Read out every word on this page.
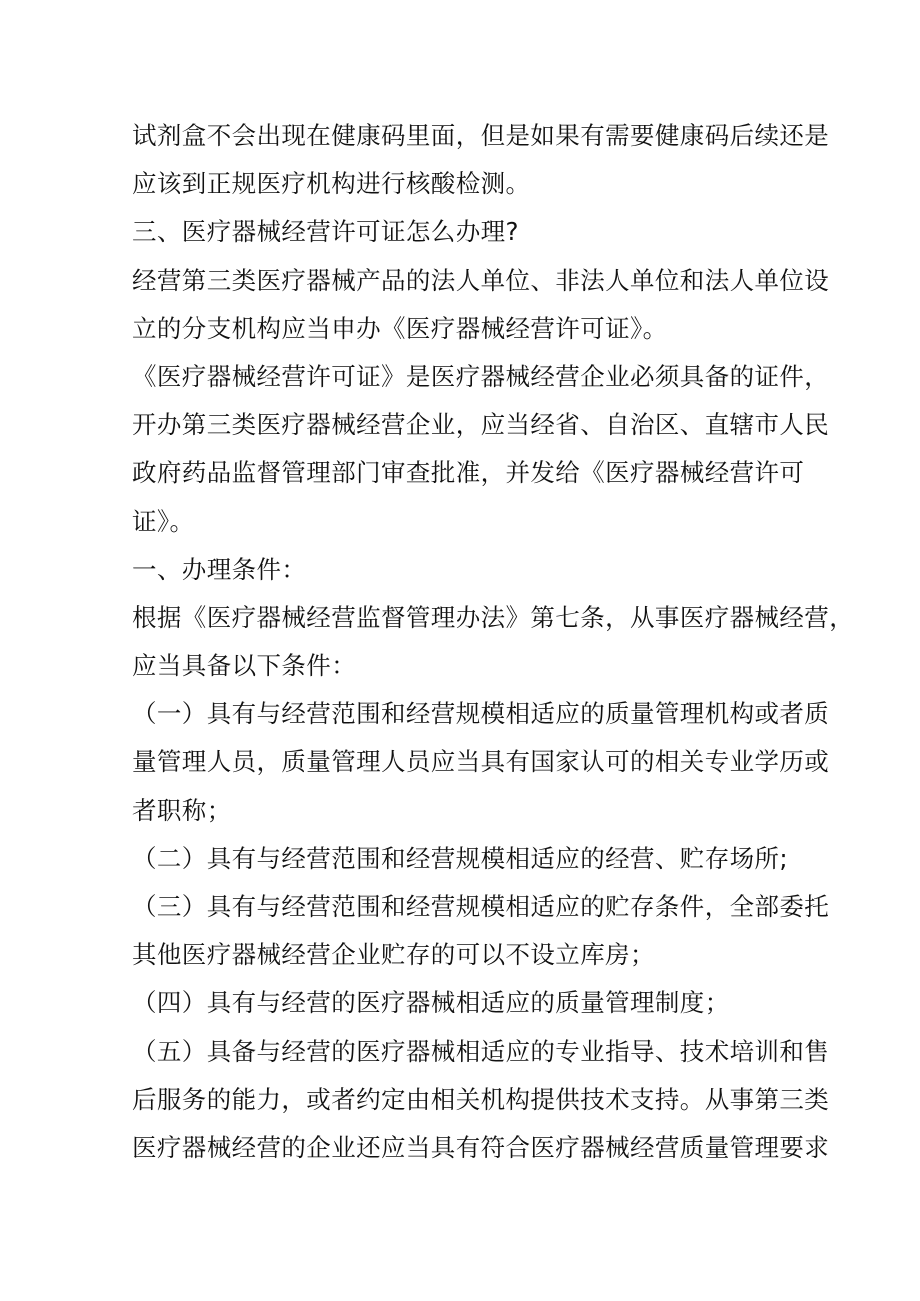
试剂盒不会出现在健康码里面，但是如果有需要健康码后续还是
应该到正规医疗机构进行核酸检测。
三、医疗器械经营许可证怎么办理?
经营第三类医疗器械产品的法人单位、非法人单位和法人单位设
立的分支机构应当申办《医疗器械经营许可证》。
《医疗器械经营许可证》是医疗器械经营企业必须具备的证件，
开办第三类医疗器械经营企业，应当经省、自治区、直辖市人民
政府药品监督管理部门审查批准，并发给《医疗器械经营许可
证》。
一、办理条件：
根据《医疗器械经营监督管理办法》第七条，从事医疗器械经营，
应当具备以下条件：
（一）具有与经营范围和经营规模相适应的质量管理机构或者质
量管理人员，质量管理人员应当具有国家认可的相关专业学历或
者职称；
（二）具有与经营范围和经营规模相适应的经营、贮存场所;
（三）具有与经营范围和经营规模相适应的贮存条件，全部委托
其他医疗器械经营企业贮存的可以不设立库房；
（四）具有与经营的医疗器械相适应的质量管理制度；
（五）具备与经营的医疗器械相适应的专业指导、技术培训和售
后服务的能力，或者约定由相关机构提供技术支持。从事第三类
医疗器械经营的企业还应当具有符合医疗器械经营质量管理要求
